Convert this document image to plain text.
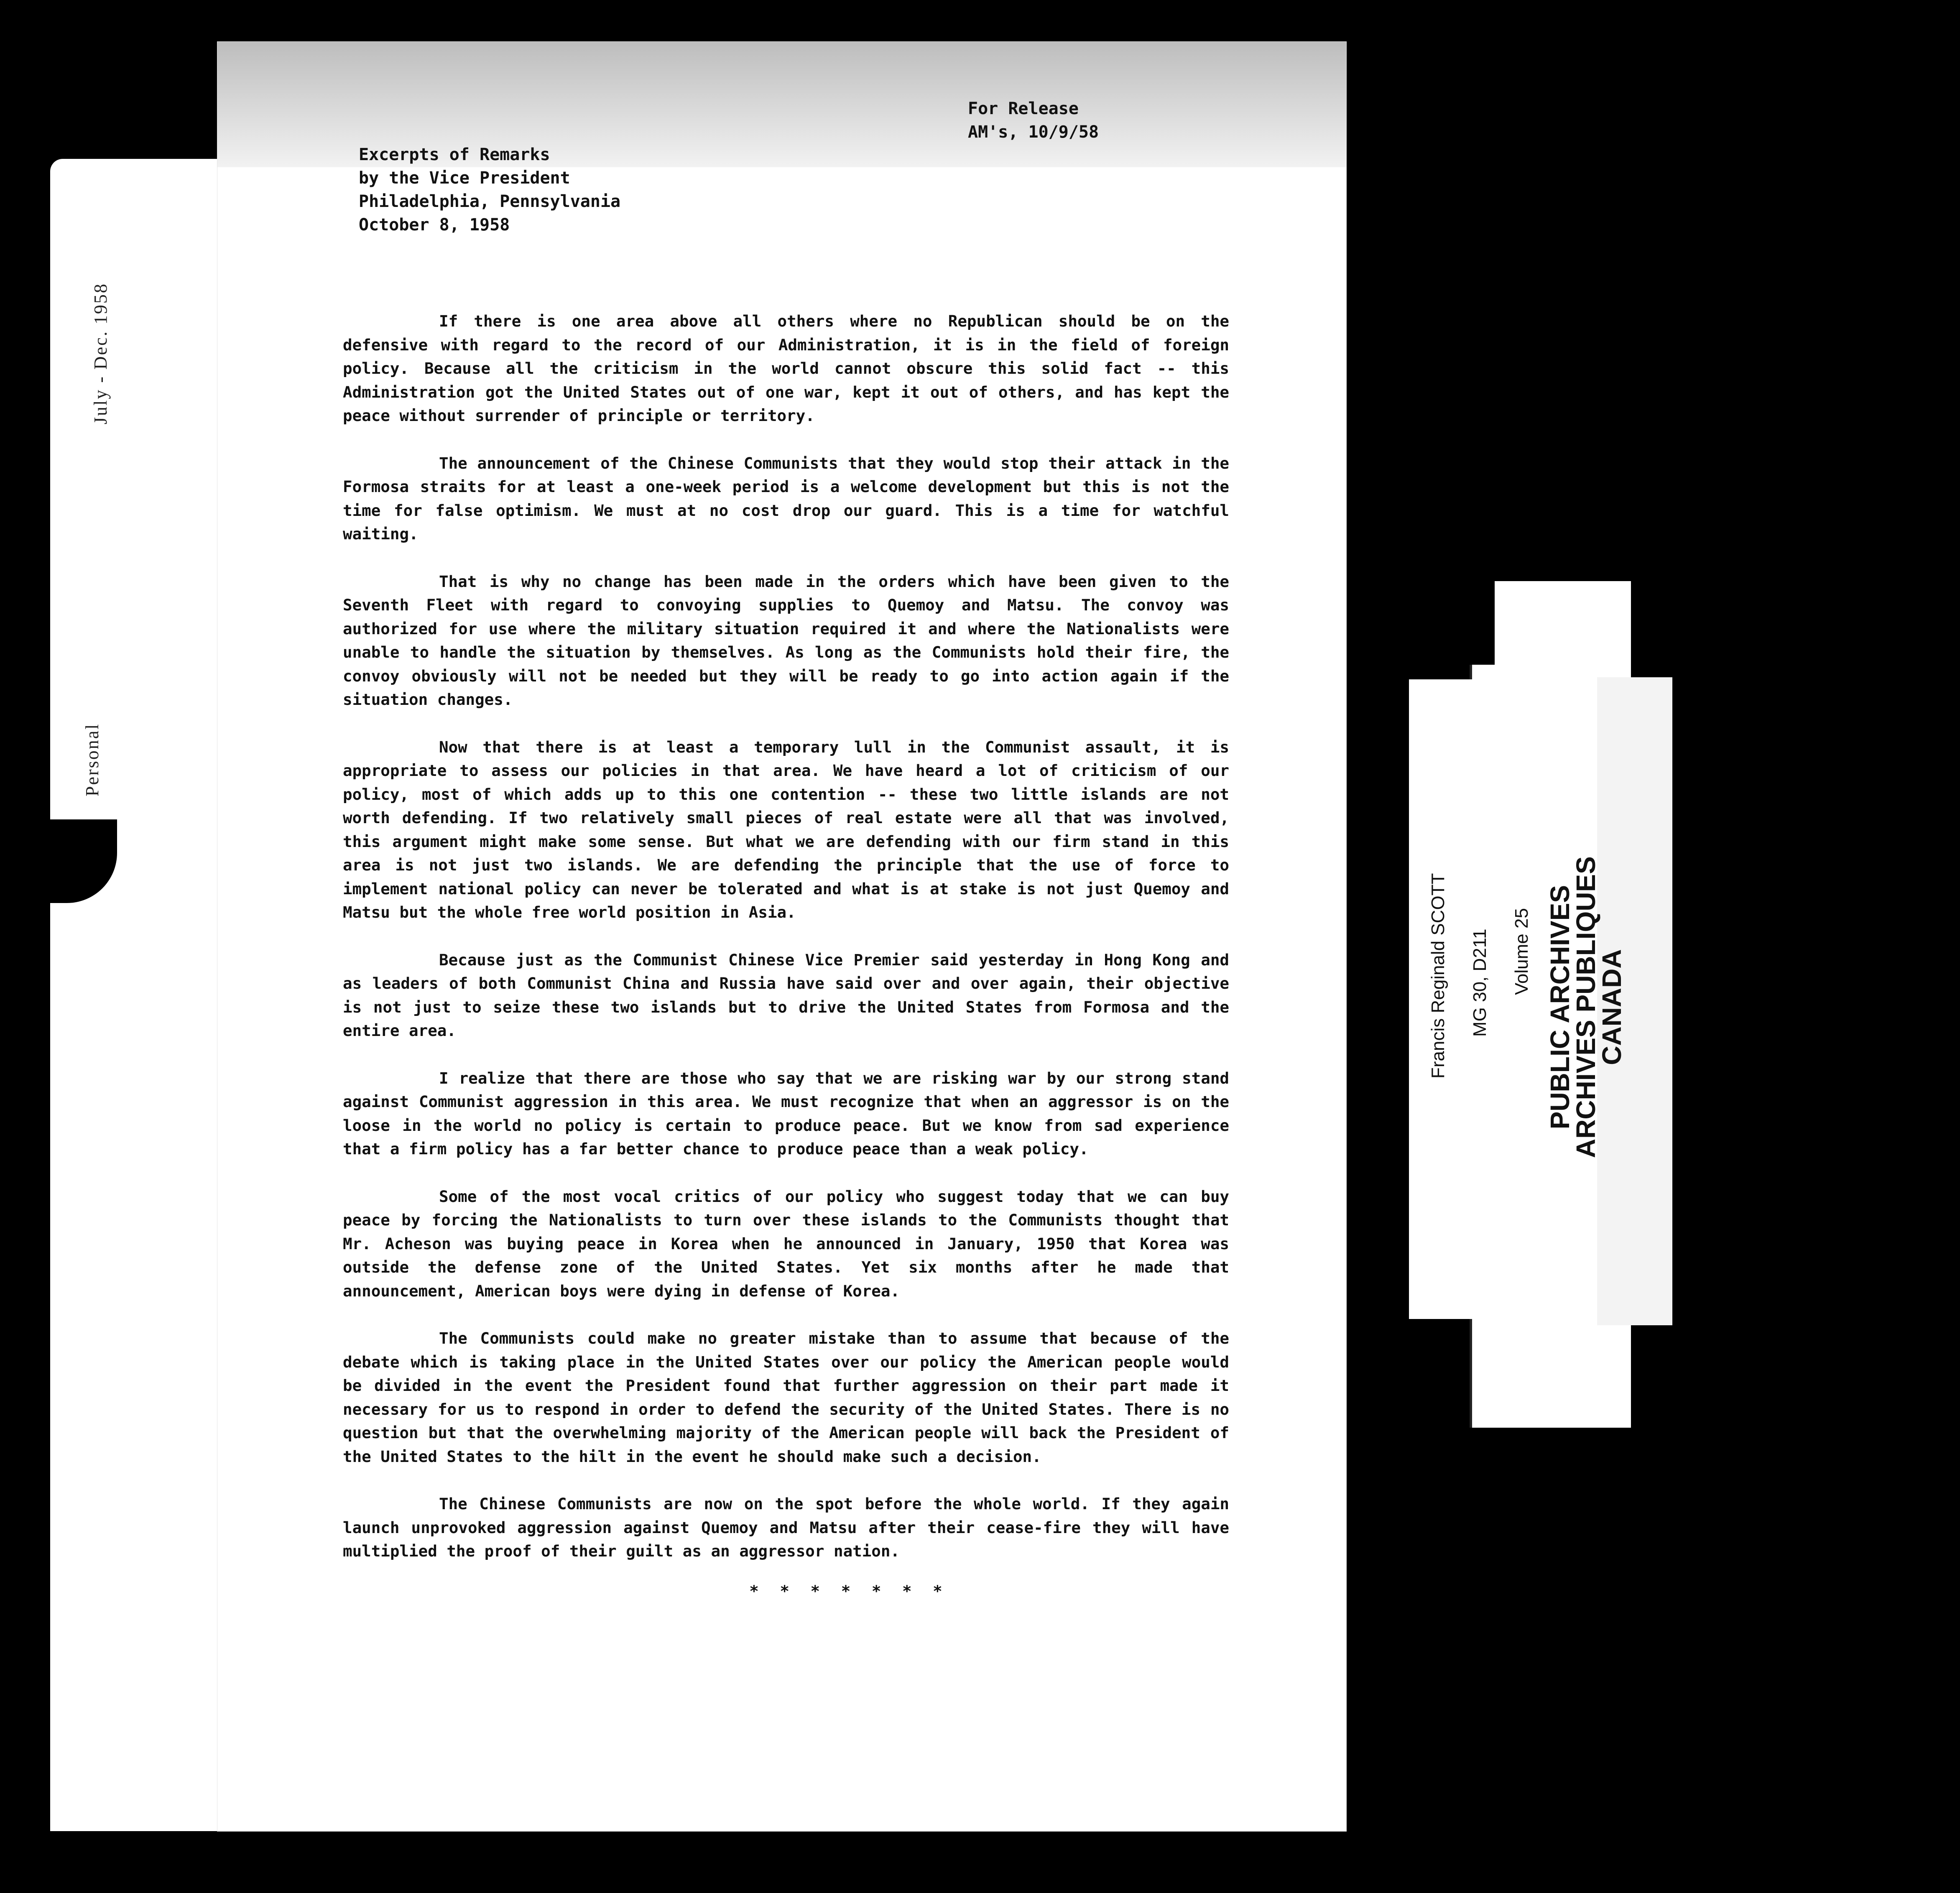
July - Dec. 1958
Personal
For Release
AM's, 10/9/58
Excerpts of Remarks
by the Vice President
Philadelphia, Pennsylvania
October 8, 1958

If there is one area above all others where no Republican should be on the defensive with regard to the record of our Administration, it is in the field of foreign policy. Because all the criticism in the world cannot obscure this solid fact -- this Administration got the United States out of one war, kept it out of others, and has kept the peace without surrender of principle or territory.

The announcement of the Chinese Communists that they would stop their attack in the Formosa straits for at least a one-week period is a welcome development but this is not the time for false optimism. We must at no cost drop our guard. This is a time for watchful waiting.

That is why no change has been made in the orders which have been given to the Seventh Fleet with regard to convoying supplies to Quemoy and Matsu. The convoy was authorized for use where the military situation required it and where the Nationalists were unable to handle the situation by themselves. As long as the Communists hold their fire, the convoy obviously will not be needed but they will be ready to go into action again if the situation changes.

Now that there is at least a temporary lull in the Communist assault, it is appropriate to assess our policies in that area. We have heard a lot of criticism of our policy, most of which adds up to this one contention -- these two little islands are not worth defending. If two relatively small pieces of real estate were all that was involved, this argument might make some sense. But what we are defending with our firm stand in this area is not just two islands. We are defending the principle that the use of force to implement national policy can never be tolerated and what is at stake is not just Quemoy and Matsu but the whole free world position in Asia.

Because just as the Communist Chinese Vice Premier said yesterday in Hong Kong and as leaders of both Communist China and Russia have said over and over again, their objective is not just to seize these two islands but to drive the United States from Formosa and the entire area.

I realize that there are those who say that we are risking war by our strong stand against Communist aggression in this area. We must recognize that when an aggressor is on the loose in the world no policy is certain to produce peace. But we know from sad experience that a firm policy has a far better chance to produce peace than a weak policy.

Some of the most vocal critics of our policy who suggest today that we can buy peace by forcing the Nationalists to turn over these islands to the Communists thought that Mr. Acheson was buying peace in Korea when he announced in January, 1950 that Korea was outside the defense zone of the United States. Yet six months after he made that announcement, American boys were dying in defense of Korea.

The Communists could make no greater mistake than to assume that because of the debate which is taking place in the United States over our policy the American people would be divided in the event the President found that further aggression on their part made it necessary for us to respond in order to defend the security of the United States. There is no question but that the overwhelming majority of the American people will back the President of the United States to the hilt in the event he should make such a decision.

The Chinese Communists are now on the spot before the whole world. If they again launch unprovoked aggression against Quemoy and Matsu after their cease-fire they will have multiplied the proof of their guilt as an aggressor nation.

* * * * * * *
Francis Reginald SCOTT MG 30, D211 Volume 25 PUBLIC ARCHIVES
ARCHIVES PUBLIQUES
CANADA
